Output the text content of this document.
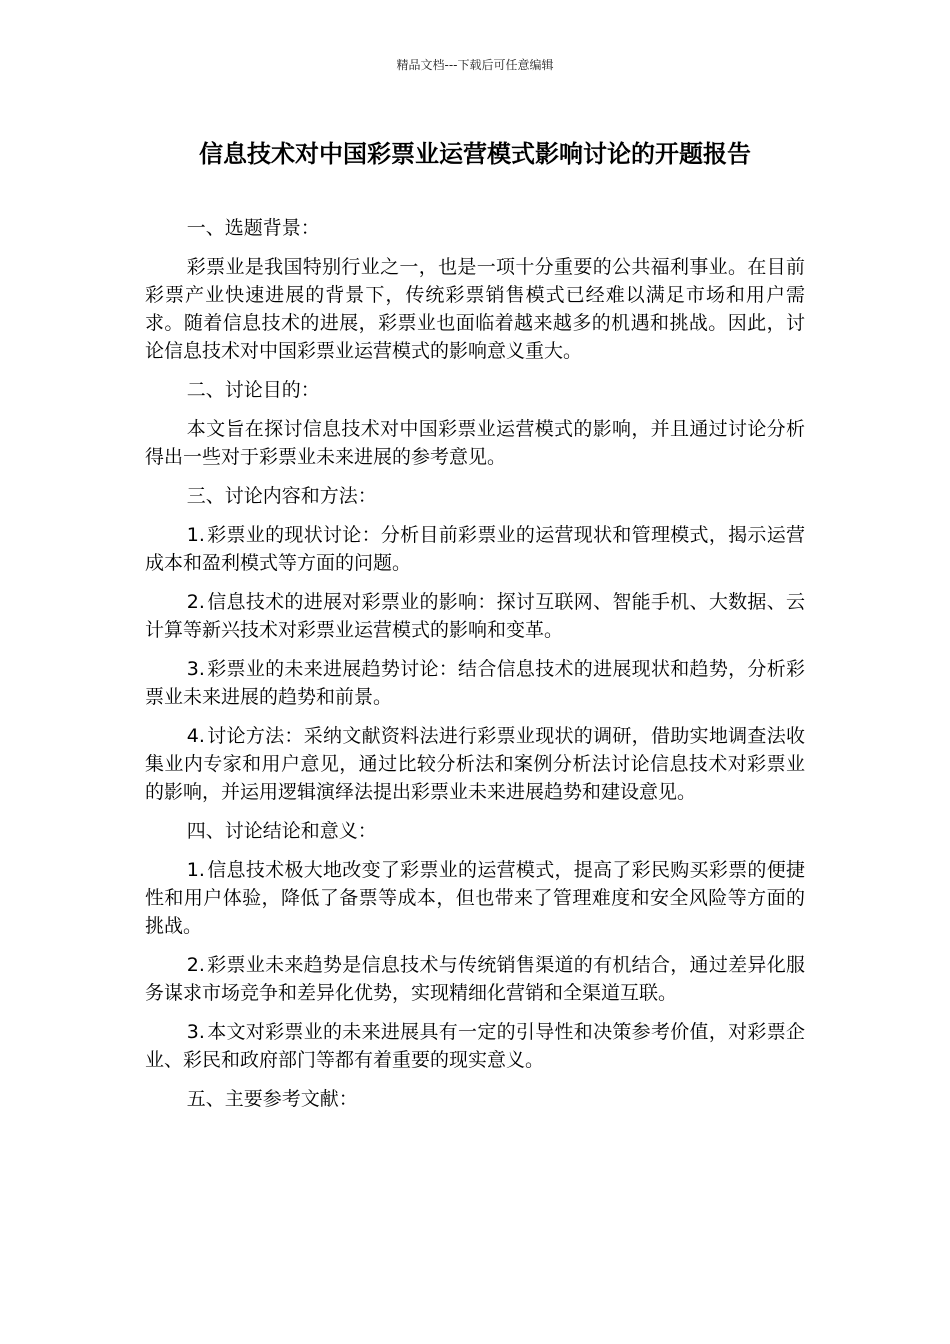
精品文档---下载后可任意编辑
信息技术对中国彩票业运营模式影响讨论的开题报告

一、选题背景：

彩票业是我国特别行业之一，也是一项十分重要的公共福利事业。在目前彩票产业快速进展的背景下，传统彩票销售模式已经难以满足市场和用户需求。随着信息技术的进展，彩票业也面临着越来越多的机遇和挑战。因此，讨论信息技术对中国彩票业运营模式的影响意义重大。

二、讨论目的：

本文旨在探讨信息技术对中国彩票业运营模式的影响，并且通过讨论分析得出一些对于彩票业未来进展的参考意见。

三、讨论内容和方法：

1. 彩票业的现状讨论：分析目前彩票业的运营现状和管理模式，揭示运营成本和盈利模式等方面的问题。

2. 信息技术的进展对彩票业的影响：探讨互联网、智能手机、大数据、云计算等新兴技术对彩票业运营模式的影响和变革。

3. 彩票业的未来进展趋势讨论：结合信息技术的进展现状和趋势，分析彩票业未来进展的趋势和前景。

4. 讨论方法：采纳文献资料法进行彩票业现状的调研，借助实地调查法收集业内专家和用户意见，通过比较分析法和案例分析法讨论信息技术对彩票业的影响，并运用逻辑演绎法提出彩票业未来进展趋势和建设意见。

四、讨论结论和意义：

1. 信息技术极大地改变了彩票业的运营模式，提高了彩民购买彩票的便捷性和用户体验，降低了备票等成本，但也带来了管理难度和安全风险等方面的挑战。

2. 彩票业未来趋势是信息技术与传统销售渠道的有机结合，通过差异化服务谋求市场竞争和差异化优势，实现精细化营销和全渠道互联。

3. 本文对彩票业的未来进展具有一定的引导性和决策参考价值，对彩票企业、彩民和政府部门等都有着重要的现实意义。

五、主要参考文献：
